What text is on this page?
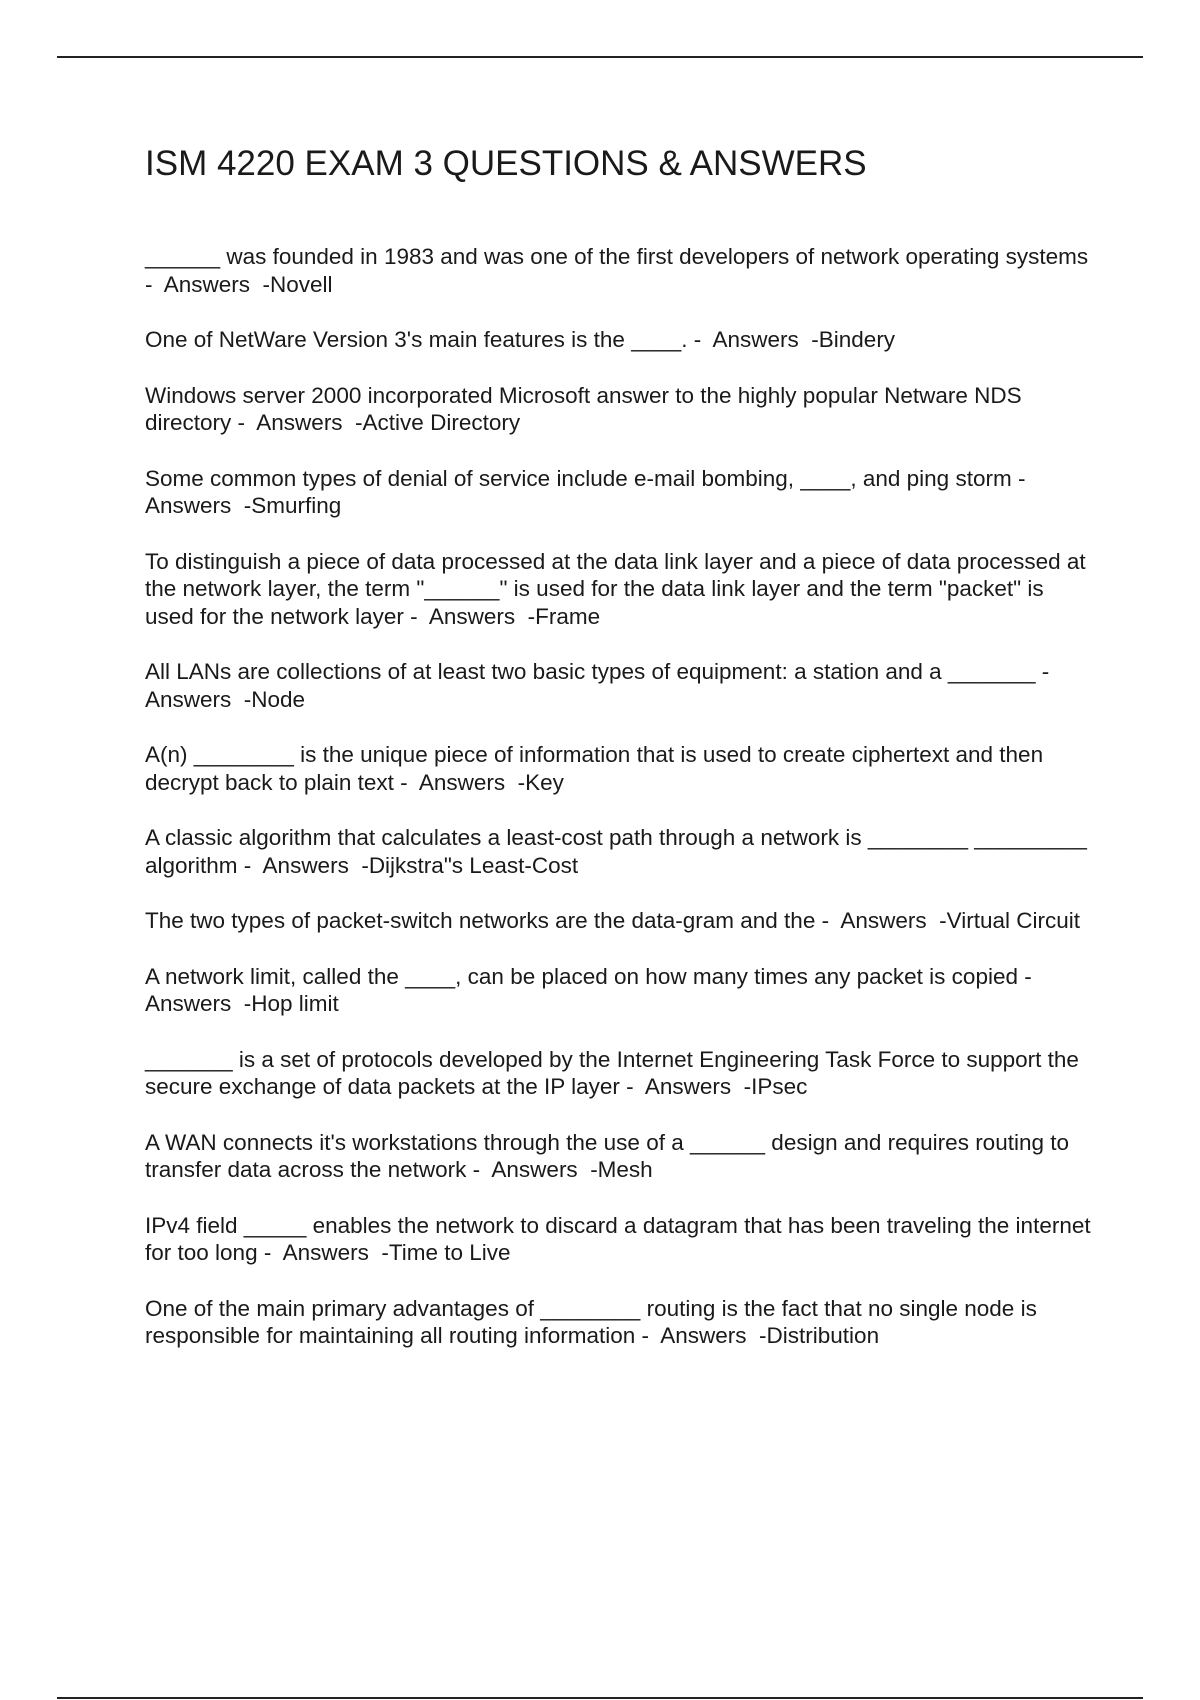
ISM 4220 EXAM 3 QUESTIONS & ANSWERS

______ was founded in 1983 and was one of the first developers of network operating systems -  Answers  -Novell

One of NetWare Version 3's main features is the ____. -  Answers  -Bindery

Windows server 2000 incorporated Microsoft answer to the highly popular Netware NDS directory -  Answers  -Active Directory

Some common types of denial of service include e-mail bombing, ____, and ping storm -  Answers  -Smurfing

To distinguish a piece of data processed at the data link layer and a piece of data processed at the network layer, the term "______" is used for the data link layer and the term "packet" is used for the network layer -  Answers  -Frame

All LANs are collections of at least two basic types of equipment: a station and a _______ -  Answers  -Node

A(n) ________ is the unique piece of information that is used to create ciphertext and then decrypt back to plain text -  Answers  -Key

A classic algorithm that calculates a least-cost path through a network is ________ _________ algorithm -  Answers  -Dijkstra"s Least-Cost

The two types of packet-switch networks are the data-gram and the -  Answers  -Virtual Circuit

A network limit, called the ____, can be placed on how many times any packet is copied -  Answers  -Hop limit

_______ is a set of protocols developed by the Internet Engineering Task Force to support the secure exchange of data packets at the IP layer -  Answers  -IPsec

A WAN connects it's workstations through the use of a ______ design and requires routing to transfer data across the network -  Answers  -Mesh

IPv4 field _____ enables the network to discard a datagram that has been traveling the internet for too long -  Answers  -Time to Live

One of the main primary advantages of ________ routing is the fact that no single node is responsible for maintaining all routing information -  Answers  -Distribution
